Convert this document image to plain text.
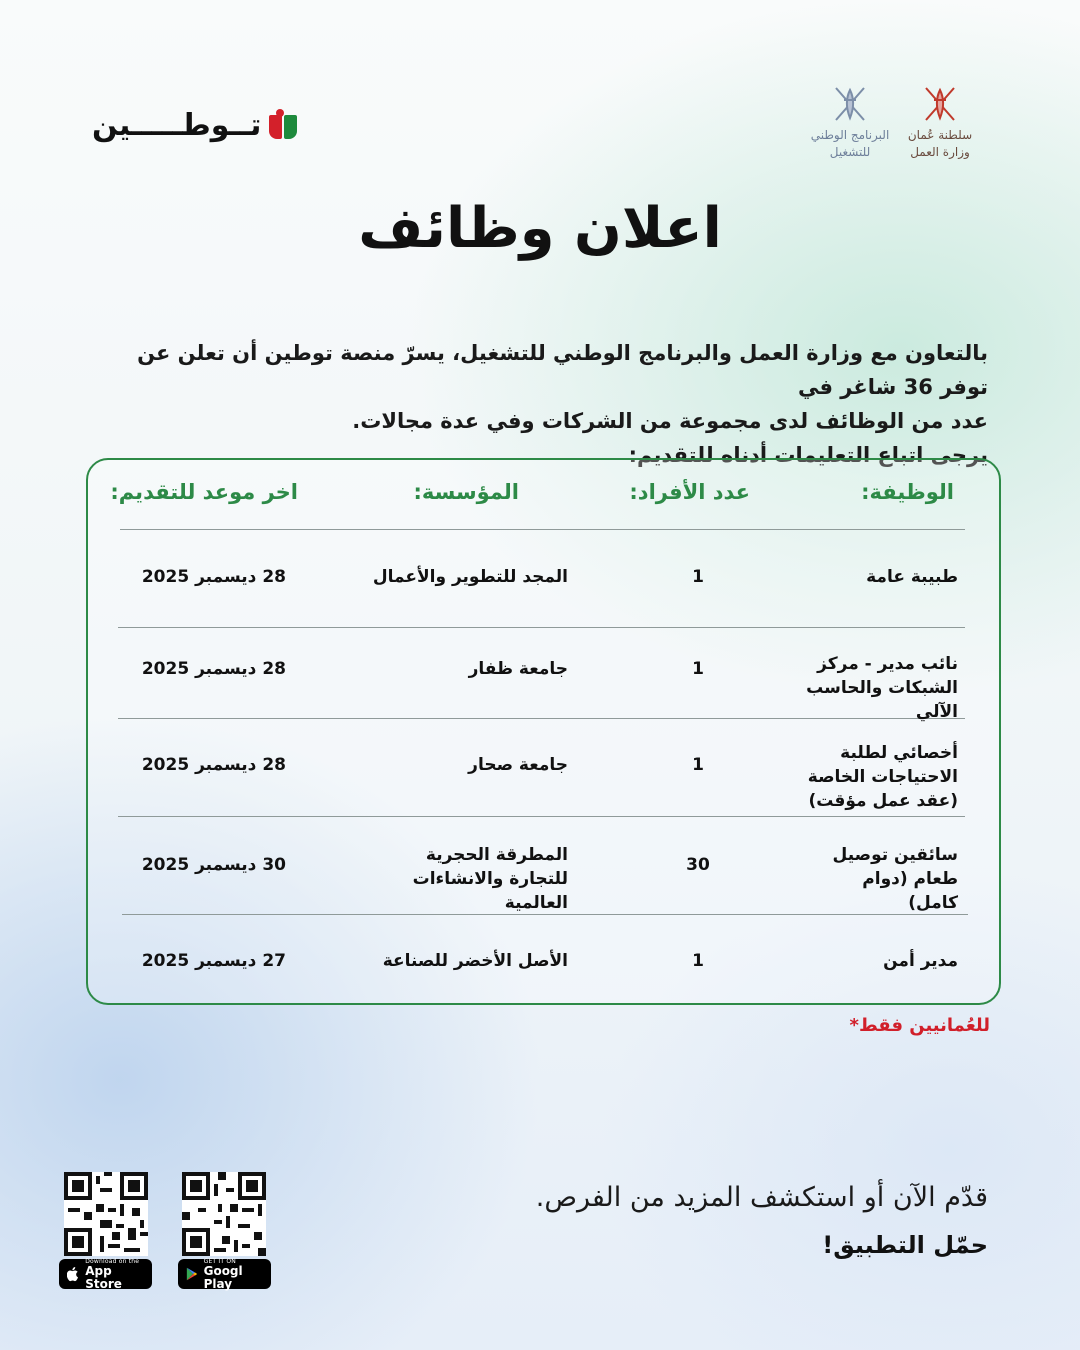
تــوطـــــين	البرنامج الوطني
للتشغيل
سلطنة عُمان
وزارة العمل
اعلان وظائف
بالتعاون مع وزارة العمل والبرنامج الوطني للتشغيل، يسرّ منصة توطين أن تعلن عن توفر 36 شاغر في
عدد من الوظائف لدى مجموعة من الشركات وفي عدة مجالات.
يرجى اتباع التعليمات أدناه للتقديم:
الوظيفة:
عدد الأفراد:
المؤسسة:
اخر موعد للتقديم:
طبيبة عامة
1
المجد للتطوير والأعمال
28 ديسمبر 2025
نائب مدير - مركز الشبكات والحاسب الآلي
1
جامعة ظفار
28 ديسمبر 2025
أخصائي لطلبة الاحتياجات الخاصة (عقد عمل مؤقت)
1
جامعة صحار
28 ديسمبر 2025
سائقين توصيل طعام (دوام كامل)
30
المطرقة الحجرية للتجارة والانشاءات العالمية
30 ديسمبر 2025
مدير أمن
1
الأصل الأخضر للصناعة
27 ديسمبر 2025
للعُمانيين فقط*
Download on the
App Store
GET IT ON
Googl Play
قدّم الآن أو استكشف المزيد من الفرص.
حمّل التطبيق!
